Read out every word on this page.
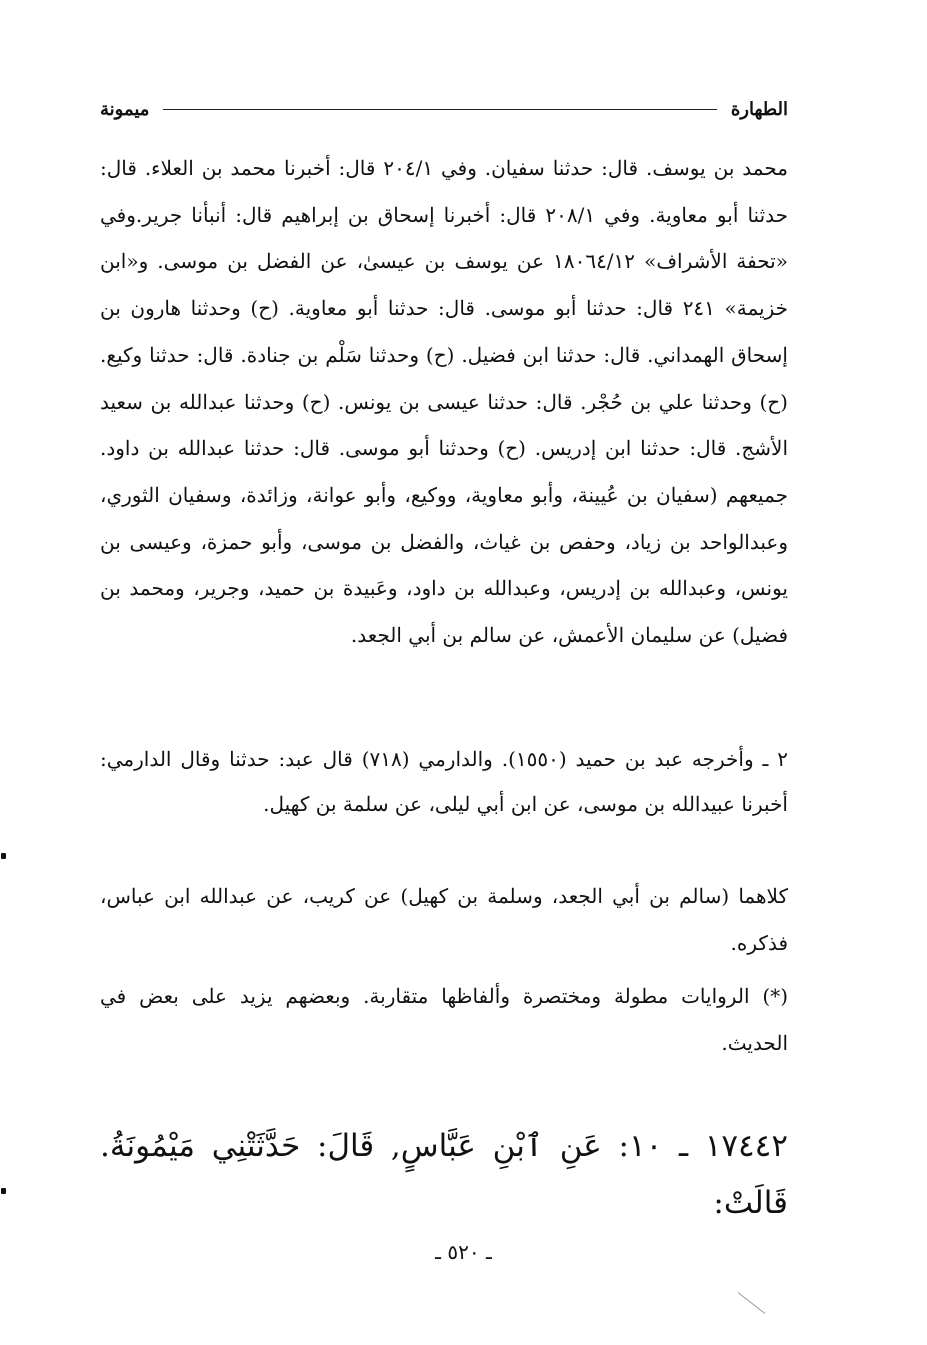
الطهارة
ميمونة

محمد بن يوسف. قال: حدثنا سفيان. وفي ٢٠٤/١ قال: أخبرنا محمد بن العلاء. قال: حدثنا أبو معاوية. وفي ٢٠٨/١ قال: أخبرنا إسحاق بن إبراهيم قال: أنبأنا جرير.وفي «تحفة الأشراف» ١٨٠٦٤/١٢ عن يوسف بن عيسىٰ، عن الفضل بن موسى. و«ابن خزيمة» ٢٤١ قال: حدثنا أبو موسى. قال: حدثنا أبو معاوية. (ح) وحدثنا هارون بن إسحاق الهمداني. قال: حدثنا ابن فضيل. (ح) وحدثنا سَلْم بن جنادة. قال: حدثنا وكيع. (ح) وحدثنا علي بن حُجْر. قال: حدثنا عيسى بن يونس. (ح) وحدثنا عبدالله بن سعيد الأشج. قال: حدثنا ابن إدريس. (ح) وحدثنا أبو موسى. قال: حدثنا عبدالله بن داود. جميعهم (سفيان بن عُيينة، وأبو معاوية، ووكيع، وأبو عوانة، وزائدة، وسفيان الثوري، وعبدالواحد بن زياد، وحفص بن غياث، والفضل بن موسى، وأبو حمزة، وعيسى بن يونس، وعبدالله بن إدريس، وعبدالله بن داود، وعَبيدة بن حميد، وجرير، ومحمد بن فضيل) عن سليمان الأعمش، عن سالم بن أبي الجعد.

٢ ـ وأخرجه عبد بن حميد (١٥٥٠). والدارمي (٧١٨) قال عبد: حدثنا وقال الدارمي: أخبرنا عبيدالله بن موسى، عن ابن أبي ليلى، عن سلمة بن كهيل.

كلاهما (سالم بن أبي الجعد، وسلمة بن كهيل) عن كريب، عن عبدالله ابن عباس، فذكره.

(*) الروايات مطولة ومختصرة وألفاظها متقاربة. وبعضهم يزيد على بعض في الحديث.

١٧٤٤٢ ـ ١٠: عَنِ ٱبْنِ عَبَّاسٍ, قَالَ: حَدَّثَتْنِي مَيْمُونَةُ. قَالَتْ:

ـ ٥٢٠ ـ
